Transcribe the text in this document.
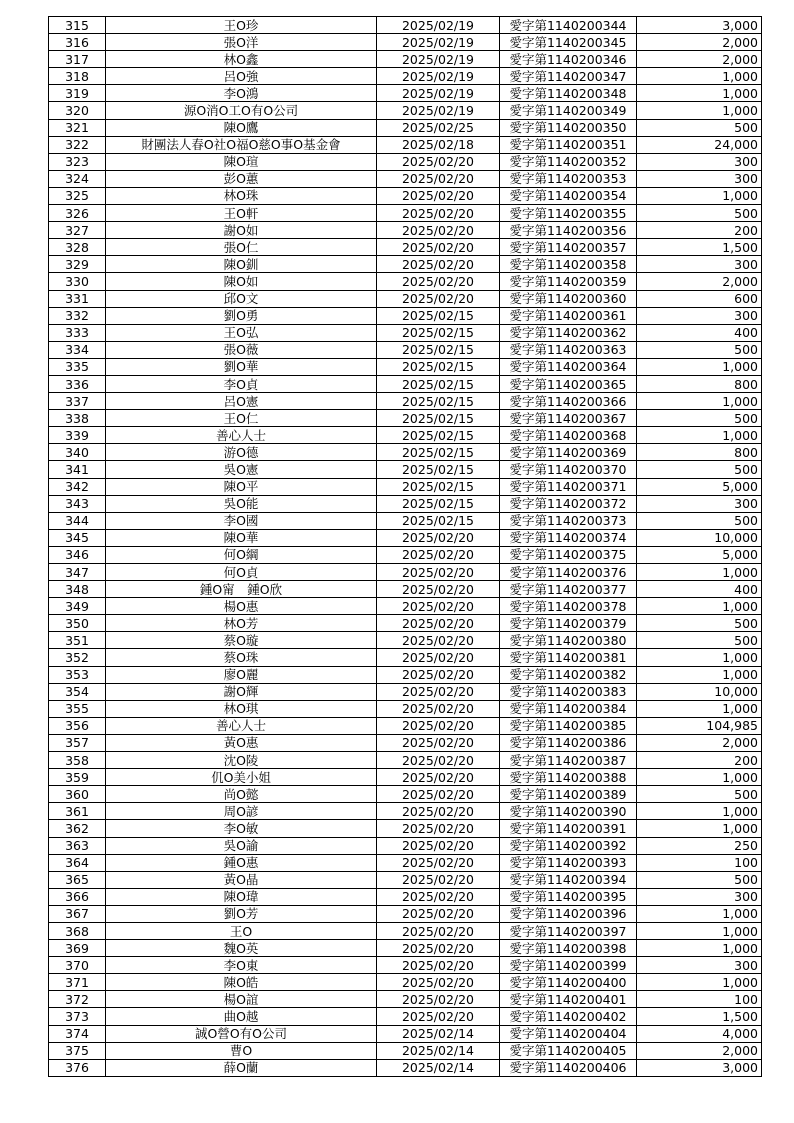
315	王O珍	2025/02/19	愛字第1140200344	3,000
316	張O洋	2025/02/19	愛字第1140200345	2,000
317	林O鑫	2025/02/19	愛字第1140200346	2,000
318	呂O強	2025/02/19	愛字第1140200347	1,000
319	李O鴻	2025/02/19	愛字第1140200348	1,000
320	源O消O工O有O公司	2025/02/19	愛字第1140200349	1,000
321	陳O鷹	2025/02/25	愛字第1140200350	500
322	財團法人春O社O福O慈O事O基金會	2025/02/18	愛字第1140200351	24,000
323	陳O瑄	2025/02/20	愛字第1140200352	300
324	彭O蕙	2025/02/20	愛字第1140200353	300
325	林O珠	2025/02/20	愛字第1140200354	1,000
326	王O軒	2025/02/20	愛字第1140200355	500
327	謝O如	2025/02/20	愛字第1140200356	200
328	張O仁	2025/02/20	愛字第1140200357	1,500
329	陳O釧	2025/02/20	愛字第1140200358	300
330	陳O如	2025/02/20	愛字第1140200359	2,000
331	邱O文	2025/02/20	愛字第1140200360	600
332	劉O勇	2025/02/15	愛字第1140200361	300
333	王O弘	2025/02/15	愛字第1140200362	400
334	張O薇	2025/02/15	愛字第1140200363	500
335	劉O華	2025/02/15	愛字第1140200364	1,000
336	李O貞	2025/02/15	愛字第1140200365	800
337	呂O憲	2025/02/15	愛字第1140200366	1,000
338	王O仁	2025/02/15	愛字第1140200367	500
339	善心人士	2025/02/15	愛字第1140200368	1,000
340	游O德	2025/02/15	愛字第1140200369	800
341	吳O憲	2025/02/15	愛字第1140200370	500
342	陳O平	2025/02/15	愛字第1140200371	5,000
343	吳O能	2025/02/15	愛字第1140200372	300
344	李O國	2025/02/15	愛字第1140200373	500
345	陳O華	2025/02/20	愛字第1140200374	10,000
346	何O綱	2025/02/20	愛字第1140200375	5,000
347	何O貞	2025/02/20	愛字第1140200376	1,000
348	鍾O甯　鍾O欣	2025/02/20	愛字第1140200377	400
349	楊O惠	2025/02/20	愛字第1140200378	1,000
350	林O芳	2025/02/20	愛字第1140200379	500
351	蔡O璇	2025/02/20	愛字第1140200380	500
352	蔡O珠	2025/02/20	愛字第1140200381	1,000
353	廖O麗	2025/02/20	愛字第1140200382	1,000
354	謝O輝	2025/02/20	愛字第1140200383	10,000
355	林O琪	2025/02/20	愛字第1140200384	1,000
356	善心人士	2025/02/20	愛字第1140200385	104,985
357	黃O惠	2025/02/20	愛字第1140200386	2,000
358	沈O陵	2025/02/20	愛字第1140200387	200
359	仉O美小姐	2025/02/20	愛字第1140200388	1,000
360	尚O懿	2025/02/20	愛字第1140200389	500
361	周O諺	2025/02/20	愛字第1140200390	1,000
362	李O敏	2025/02/20	愛字第1140200391	1,000
363	吳O諭	2025/02/20	愛字第1140200392	250
364	鍾O惠	2025/02/20	愛字第1140200393	100
365	黃O晶	2025/02/20	愛字第1140200394	500
366	陳O瑋	2025/02/20	愛字第1140200395	300
367	劉O芳	2025/02/20	愛字第1140200396	1,000
368	王O	2025/02/20	愛字第1140200397	1,000
369	魏O英	2025/02/20	愛字第1140200398	1,000
370	李O東	2025/02/20	愛字第1140200399	300
371	陳O皓	2025/02/20	愛字第1140200400	1,000
372	楊O誼	2025/02/20	愛字第1140200401	100
373	曲O越	2025/02/20	愛字第1140200402	1,500
374	誠O營O有O公司	2025/02/14	愛字第1140200404	4,000
375	曹O	2025/02/14	愛字第1140200405	2,000
376	薛O蘭	2025/02/14	愛字第1140200406	3,000
